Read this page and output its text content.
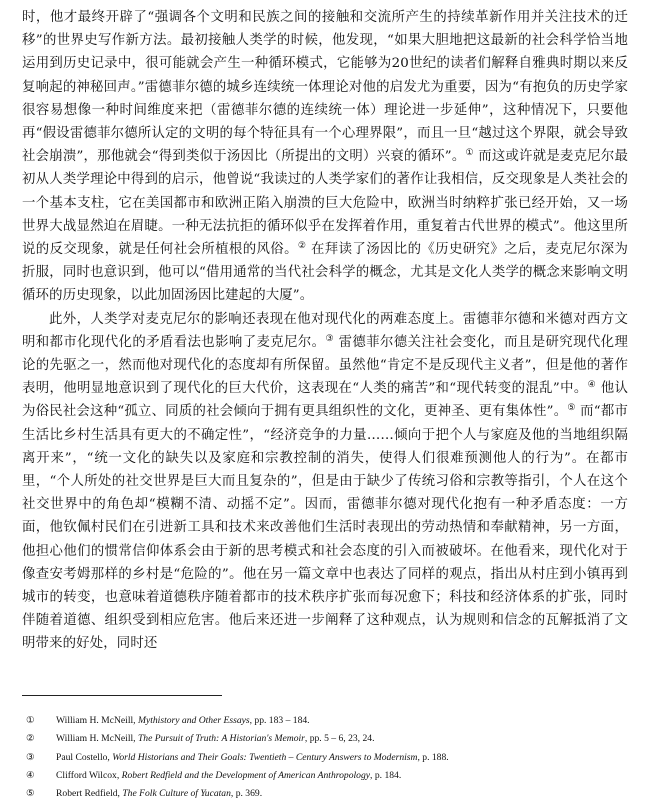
时，他才最终开辟了“强调各个文明和民族之间的接触和交流所产生的持续革新作用并关注技术的迁移”的世界史写作新方法。最初接触人类学的时候，他发现，“如果大胆地把这最新的社会科学恰当地运用到历史记录中，很可能就会产生一种循环模式，它能够为20世纪的读者们解释自雅典时期以来反复响起的神秘回声。”雷德菲尔德的城乡连续统一体理论对他的启发尤为重要，因为“有抱负的历史学家很容易想像一种时间维度来把（雷德菲尔德的连续统一体）理论进一步延伸”，这种情况下，只要他再“假设雷德菲尔德所认定的文明的每个特征具有一个心理界限”，而且一旦“越过这个界限，就会导致社会崩溃”，那他就会“得到类似于汤因比（所提出的文明）兴衰的循环”。① 而这或许就是麦克尼尔最初从人类学理论中得到的启示，他曾说“我读过的人类学家们的著作让我相信，反交现象是人类社会的一个基本支柱，它在美国都市和欧洲正陷入崩溃的巨大危险中，欧洲当时纳粹扩张已经开始，又一场世界大战显然迫在眉睫。一种无法抗拒的循环似乎在发挥着作用，重复着古代世界的模式”。他这里所说的反交现象，就是任何社会所植根的风俗。② 在拜读了汤因比的《历史研究》之后，麦克尼尔深为折服，同时也意识到，他可以“借用通常的当代社会科学的概念，尤其是文化人类学的概念来影响文明循环的历史现象，以此加固汤因比建起的大厦”。

此外，人类学对麦克尼尔的影响还表现在他对现代化的两难态度上。雷德菲尔德和米德对西方文明和都市化现代化的矛盾看法也影响了麦克尼尔。③ 雷德菲尔德关注社会变化，而且是研究现代化理论的先驱之一，然而他对现代化的态度却有所保留。虽然他“肯定不是反现代主义者”，但是他的著作表明，他明显地意识到了现代化的巨大代价，这表现在“人类的痛苦”和“现代转变的混乱”中。④ 他认为俗民社会这种“孤立、同质的社会倾向于拥有更具组织性的文化，更神圣、更有集体性”。⑤ 而“都市生活比乡村生活具有更大的不确定性”，“经济竞争的力量……倾向于把个人与家庭及他的当地组织隔离开来”，“统一文化的缺失以及家庭和宗教控制的消失，使得人们很难预测他人的行为”。在都市里，“个人所处的社交世界是巨大而且复杂的”，但是由于缺少了传统习俗和宗教等指引，个人在这个社交世界中的角色却“模糊不清、动摇不定”。因而，雷德菲尔德对现代化抱有一种矛盾态度：一方面，他钦佩村民们在引进新工具和技术来改善他们生活时表现出的劳动热情和奉献精神，另一方面，他担心他们的惯常信仰体系会由于新的思考模式和社会态度的引入而被破坏。在他看来，现代化对于像查安考姆那样的乡村是“危险的”。他在另一篇文章中也表达了同样的观点，指出从村庄到小镇再到城市的转变，也意味着道德秩序随着都市的技术秩序扩张而每况愈下；科技和经济体系的扩张，同时伴随着道德、组织受到相应危害。他后来还进一步阐释了这种观点，认为规则和信念的瓦解抵消了文明带来的好处，同时还

①	William H. McNeill, Mythistory and Other Essays, pp. 183 – 184.
②	William H. McNeill, The Pursuit of Truth: A Historian's Memoir, pp. 5 – 6, 23, 24.
③	Paul Costello, World Historians and Their Goals: Twentieth – Century Answers to Modernism, p. 188.
④	Clifford Wilcox, Robert Redfield and the Development of American Anthropology, p. 184.
⑤	Robert Redfield, The Folk Culture of Yucatan, p. 369.
